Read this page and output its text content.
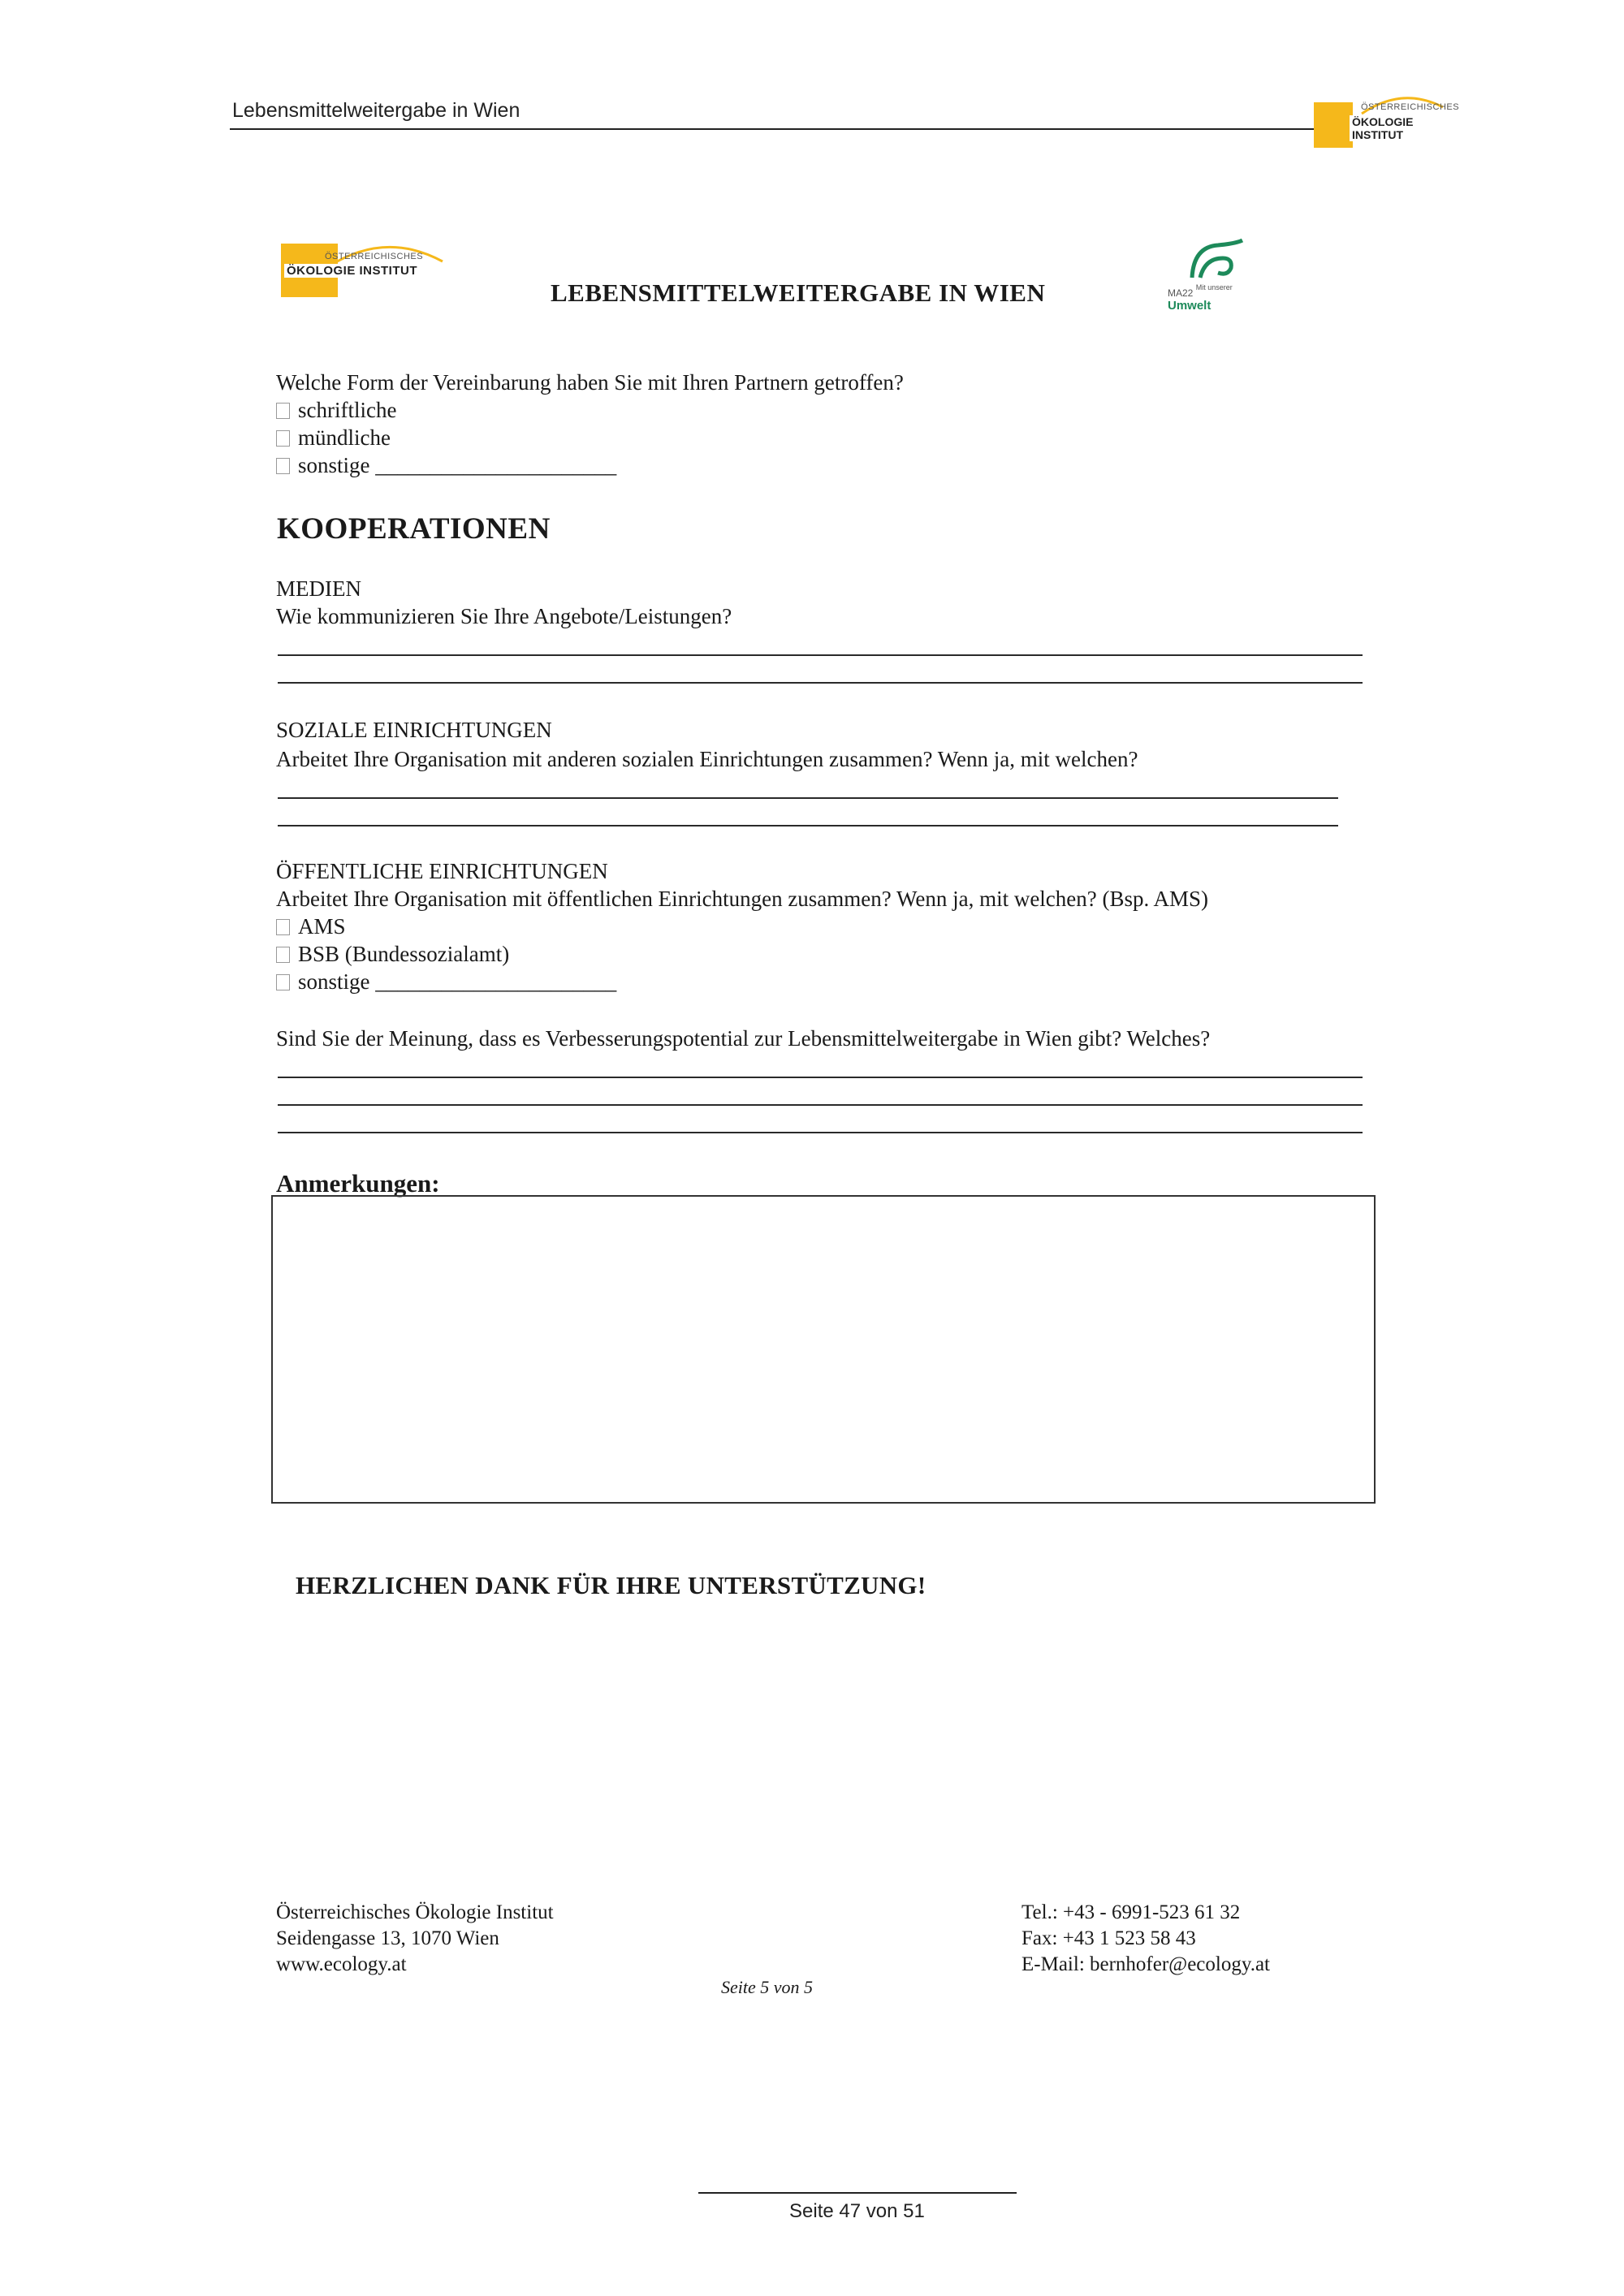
Lebensmittelweitergabe in Wien	ÖSTERREICHISCHES
ÖKOLOGIE INSTITUT
ÖSTERREICHISCHES
ÖKOLOGIE INSTITUT
LEBENSMITTELWEITERGABE IN WIEN	MA22 $^{Mit unserer}$ Umwelt
Welche Form der Vereinbarung haben Sie mit Ihren Partnern getroffen?
schriftliche
mündliche
sonstige ______________________
KOOPERATIONEN
MEDIEN
Wie kommunizieren Sie Ihre Angebote/Leistungen?
SOZIALE EINRICHTUNGEN
Arbeitet Ihre Organisation mit anderen sozialen Einrichtungen zusammen? Wenn ja, mit welchen?
ÖFFENTLICHE EINRICHTUNGEN
Arbeitet Ihre Organisation mit öffentlichen Einrichtungen zusammen? Wenn ja, mit welchen? (Bsp. AMS)
AMS
BSB (Bundessozialamt)
sonstige ______________________
Sind Sie der Meinung, dass es Verbesserungspotential zur Lebensmittelweitergabe in Wien gibt? Welches?
Anmerkungen:
HERZLICHEN DANK FÜR IHRE UNTERSTÜTZUNG!
Österreichisches Ökologie Institut
Seidengasse 13, 1070 Wien
www.ecology.at
Tel.: +43 - 6991-523 61 32
Fax: +43 1 523 58 43
E-Mail: bernhofer@ecology.at
Seite 5 von 5
Seite 47 von 51
